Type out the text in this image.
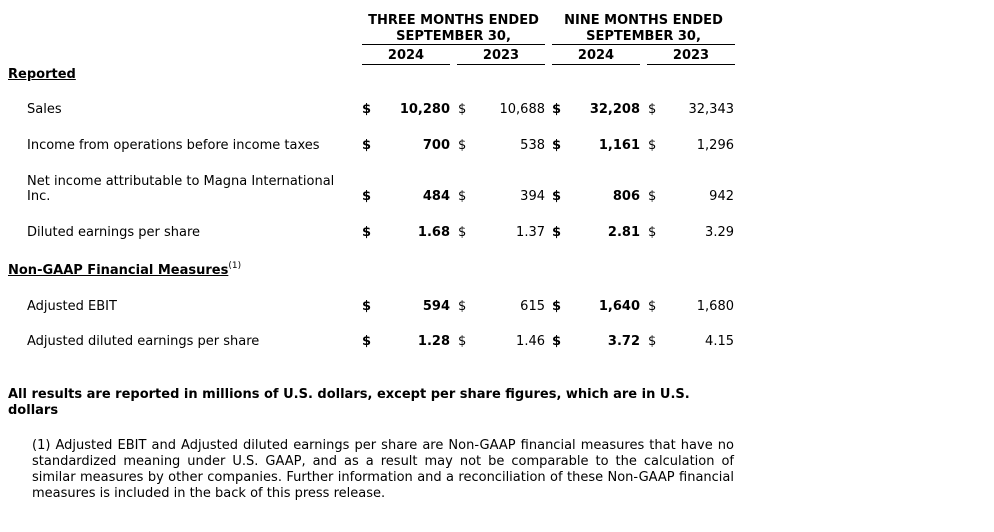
THREE MONTHS ENDED
SEPTEMBER 30,
NINE MONTHS ENDED
SEPTEMBER 30,
2024	2023	2024	2023
Reported
Sales	$	10,280 $	10,688 $	32,208 $	32,343
Income from operations before income taxes	$	700 $	538 $	1,161 $	1,296
Net income attributable to Magna International
Inc.	$	484 $	394 $	806 $	942
Diluted earnings per share	$	1.68 $	1.37 $	2.81 $	3.29
Non-GAAP Financial Measures$^{(1)}$
Adjusted EBIT	$	594 $	615 $	1,640 $	1,680
Adjusted diluted earnings per share	$	1.28 $	1.46 $	3.72 $	4.15
All results are reported in millions of U.S. dollars, except per share figures, which are in U.S. dollars
(1) Adjusted EBIT and Adjusted diluted earnings per share are Non-GAAP financial measures that have no standardized meaning under U.S. GAAP, and as a result may not be comparable to the calculation of similar measures by other companies. Further information and a reconciliation of these Non-GAAP financial measures is included in the back of this press release.
